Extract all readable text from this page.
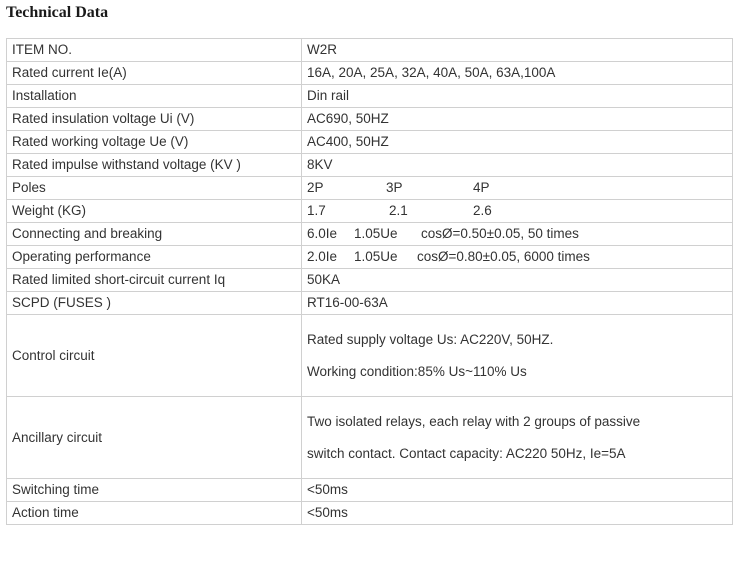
Technical Data
ITEM NO.	W2R
Rated current Ie(A)	16A, 20A, 25A, 32A, 40A, 50A, 63A,100A
Installation	Din rail
Rated insulation voltage Ui (V)	AC690, 50HZ
Rated working voltage Ue (V)	AC400, 50HZ
Rated impulse withstand voltage (KV )	8KV
Poles	2P 3P 4P
Weight (KG)	1.7 2.1 2.6
Connecting and breaking	6.0Ie 1.05Ue cosØ=0.50±0.05, 50 times
Operating performance	2.0Ie 1.05Ue cosØ=0.80±0.05, 6000 times
Rated limited short-circuit current Iq	50KA
SCPD (FUSES )	RT16-00-63A
Control circuit	Rated supply voltage Us: AC220V, 50HZ.
Working condition:85% Us~110% Us

Ancillary circuit	Two isolated relays, each relay with 2 groups of passive
switch contact. Contact capacity: AC220 50Hz, Ie=5A

Switching time	<50ms
Action time	<50ms
